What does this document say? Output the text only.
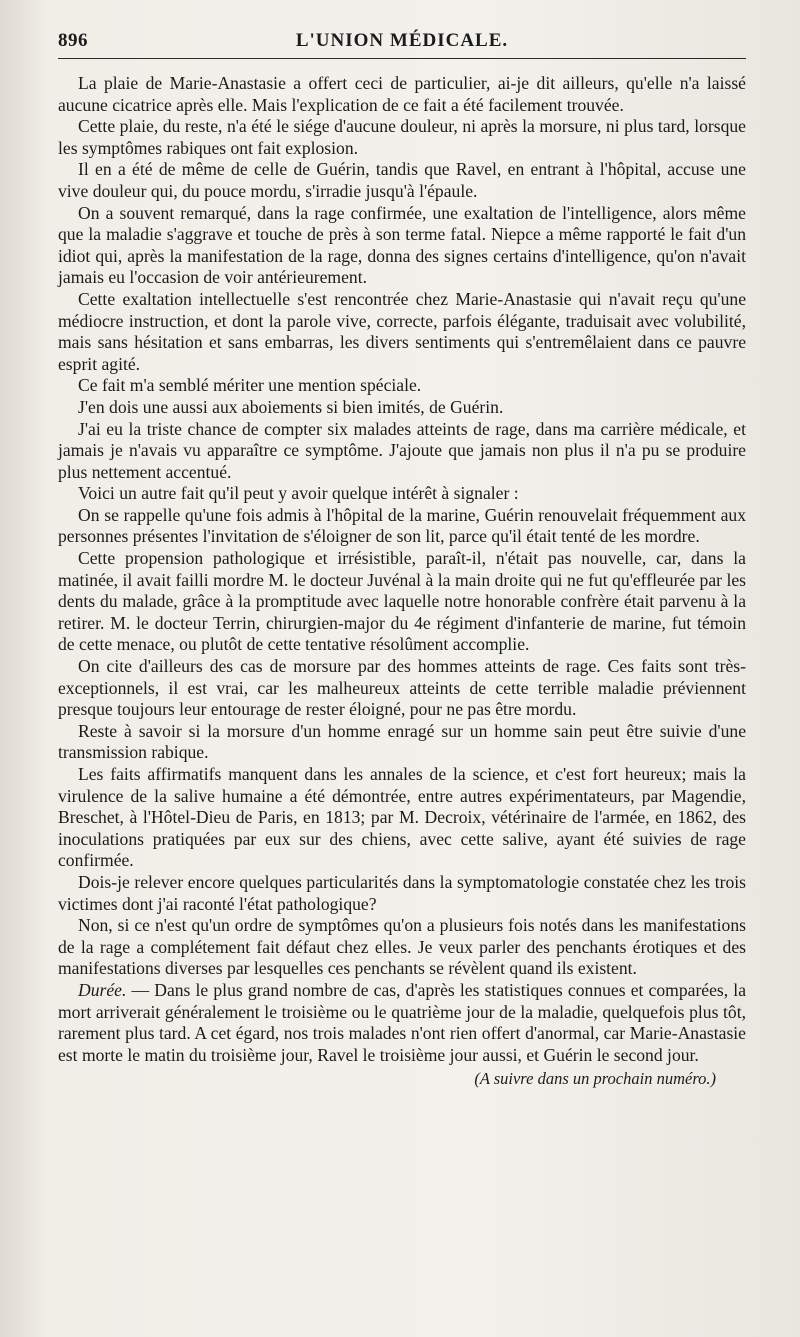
896	L'UNION MÉDICALE.

La plaie de Marie-Anastasie a offert ceci de particulier, ai-je dit ailleurs, qu'elle n'a laissé aucune cicatrice après elle. Mais l'explication de ce fait a été facilement trouvée.

Cette plaie, du reste, n'a été le siége d'aucune douleur, ni après la morsure, ni plus tard, lorsque les symptômes rabiques ont fait explosion.

Il en a été de même de celle de Guérin, tandis que Ravel, en entrant à l'hôpital, accuse une vive douleur qui, du pouce mordu, s'irradie jusqu'à l'épaule.

On a souvent remarqué, dans la rage confirmée, une exaltation de l'intelligence, alors même que la maladie s'aggrave et touche de près à son terme fatal. Niepce a même rapporté le fait d'un idiot qui, après la manifestation de la rage, donna des signes certains d'intelligence, qu'on n'avait jamais eu l'occasion de voir antérieurement.

Cette exaltation intellectuelle s'est rencontrée chez Marie-Anastasie qui n'avait reçu qu'une médiocre instruction, et dont la parole vive, correcte, parfois élégante, traduisait avec volubilité, mais sans hésitation et sans embarras, les divers sentiments qui s'entremêlaient dans ce pauvre esprit agité.

Ce fait m'a semblé mériter une mention spéciale.

J'en dois une aussi aux aboiements si bien imités, de Guérin.

J'ai eu la triste chance de compter six malades atteints de rage, dans ma carrière médicale, et jamais je n'avais vu apparaître ce symptôme. J'ajoute que jamais non plus il n'a pu se produire plus nettement accentué.

Voici un autre fait qu'il peut y avoir quelque intérêt à signaler :

On se rappelle qu'une fois admis à l'hôpital de la marine, Guérin renouvelait fréquemment aux personnes présentes l'invitation de s'éloigner de son lit, parce qu'il était tenté de les mordre.

Cette propension pathologique et irrésistible, paraît-il, n'était pas nouvelle, car, dans la matinée, il avait failli mordre M. le docteur Juvénal à la main droite qui ne fut qu'effleurée par les dents du malade, grâce à la promptitude avec laquelle notre honorable confrère était parvenu à la retirer. M. le docteur Terrin, chirurgien-major du 4e régiment d'infanterie de marine, fut témoin de cette menace, ou plutôt de cette tentative résolûment accomplie.

On cite d'ailleurs des cas de morsure par des hommes atteints de rage. Ces faits sont très-exceptionnels, il est vrai, car les malheureux atteints de cette terrible maladie préviennent presque toujours leur entourage de rester éloigné, pour ne pas être mordu.

Reste à savoir si la morsure d'un homme enragé sur un homme sain peut être suivie d'une transmission rabique.

Les faits affirmatifs manquent dans les annales de la science, et c'est fort heureux; mais la virulence de la salive humaine a été démontrée, entre autres expérimentateurs, par Magendie, Breschet, à l'Hôtel-Dieu de Paris, en 1813; par M. Decroix, vétérinaire de l'armée, en 1862, des inoculations pratiquées par eux sur des chiens, avec cette salive, ayant été suivies de rage confirmée.

Dois-je relever encore quelques particularités dans la symptomatologie constatée chez les trois victimes dont j'ai raconté l'état pathologique?

Non, si ce n'est qu'un ordre de symptômes qu'on a plusieurs fois notés dans les manifestations de la rage a complétement fait défaut chez elles. Je veux parler des penchants érotiques et des manifestations diverses par lesquelles ces penchants se révèlent quand ils existent.

Durée. — Dans le plus grand nombre de cas, d'après les statistiques connues et comparées, la mort arriverait généralement le troisième ou le quatrième jour de la maladie, quelquefois plus tôt, rarement plus tard. A cet égard, nos trois malades n'ont rien offert d'anormal, car Marie-Anastasie est morte le matin du troisième jour, Ravel le troisième jour aussi, et Guérin le second jour.

(A suivre dans un prochain numéro.)
